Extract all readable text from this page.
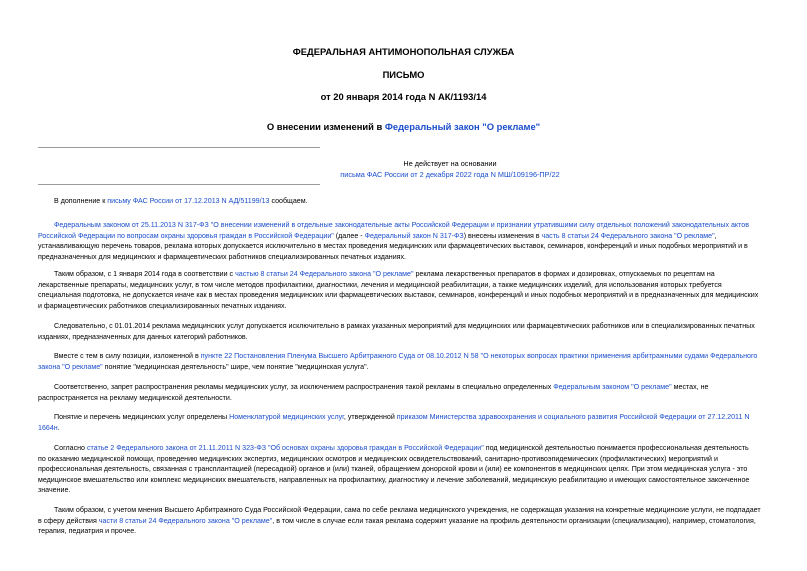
ФЕДЕРАЛЬНАЯ АНТИМОНОПОЛЬНАЯ СЛУЖБА
ПИСЬМО
от 20 января 2014 года N АК/1193/14
О внесении изменений в Федеральный закон "О рекламе"
Не действует на основании
письма ФАС России от 2 декабря 2022 года N МШ/109196-ПР/22
В дополнение к письму ФАС России от 17.12.2013 N АД/51199/13 сообщаем.
Федеральным законом от 25.11.2013 N 317-ФЗ "О внесении изменений в отдельные законодательные акты Российской Федерации и признании утратившими силу отдельных положений законодательных актов
Российской Федерации по вопросам охраны здоровья граждан в Российской Федерации" (далее - Федеральный закон N 317-ФЗ) внесены изменения в часть 8 статьи 24 Федерального закона "О рекламе",
устанавливающую перечень товаров, реклама которых допускается исключительно в местах проведения медицинских или фармацевтических выставок, семинаров, конференций и иных подобных мероприятий и в
предназначенных для медицинских и фармацевтических работников специализированных печатных изданиях.
Таким образом, с 1 января 2014 года в соответствии с частью 8 статьи 24 Федерального закона "О рекламе" реклама лекарственных препаратов в формах и дозировках, отпускаемых по рецептам на
лекарственные препараты, медицинских услуг, в том числе методов профилактики, диагностики, лечения и медицинской реабилитации, а также медицинских изделий, для использования которых требуется
специальная подготовка, не допускается иначе как в местах проведения медицинских или фармацевтических выставок, семинаров, конференций и иных подобных мероприятий и в предназначенных для медицинских
и фармацевтических работников специализированных печатных изданиях.
Следовательно, с 01.01.2014 реклама медицинских услуг допускается исключительно в рамках указанных мероприятий для медицинских или фармацевтических работников или в специализированных печатных
изданиях, предназначенных для данных категорий работников.
Вместе с тем в силу позиции, изложенной в пункте 22 Постановления Пленума Высшего Арбитражного Суда от 08.10.2012 N 58 "О некоторых вопросах практики применения арбитражными судами Федерального
закона "О рекламе" понятие "медицинская деятельность" шире, чем понятие "медицинская услуга".
Соответственно, запрет распространения рекламы медицинских услуг, за исключением распространения такой рекламы в специально определенных Федеральным законом "О рекламе" местах, не
распространяется на рекламу медицинской деятельности.
Понятие и перечень медицинских услуг определены Номенклатурой медицинских услуг, утвержденной приказом Министерства здравоохранения и социального развития Российской Федерации от 27.12.2011 N
1664н.
Согласно статье 2 Федерального закона от 21.11.2011 N 323-ФЗ "Об основах охраны здоровья граждан в Российской Федерации" под медицинской деятельностью понимается профессиональная деятельность
по оказанию медицинской помощи, проведению медицинских экспертиз, медицинских осмотров и медицинских освидетельствований, санитарно-противоэпидемических (профилактических) мероприятий и
профессиональная деятельность, связанная с трансплантацией (пересадкой) органов и (или) тканей, обращением донорской крови и (или) ее компонентов в медицинских целях. При этом медицинская услуга - это
медицинское вмешательство или комплекс медицинских вмешательств, направленных на профилактику, диагностику и лечение заболеваний, медицинскую реабилитацию и имеющих самостоятельное законченное
значение.
Таким образом, с учетом мнения Высшего Арбитражного Суда Российской Федерации, сама по себе реклама медицинского учреждения, не содержащая указания на конкретные медицинские услуги, не подпадает
в сферу действия части 8 статьи 24 Федерального закона "О рекламе", в том числе в случае если такая реклама содержит указание на профиль деятельности организации (специализацию), например, стоматология,
терапия, педиатрия и прочее.
